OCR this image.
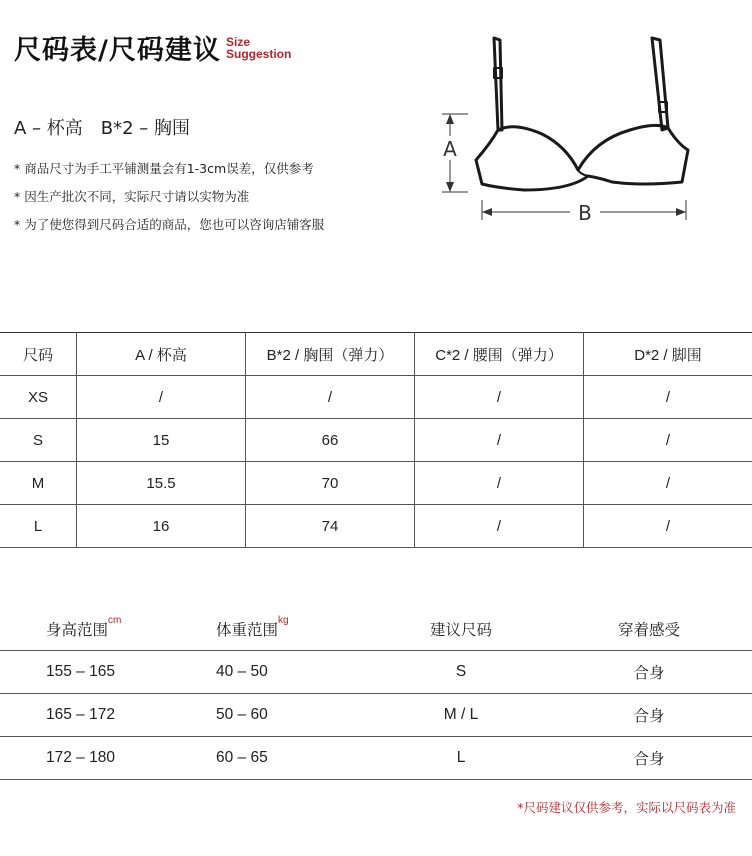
尺码表/尺码建议 Size
Suggestion
A – 杯高　B*2 – 胸围
* 商品尺寸为手工平铺测量会有1-3cm误差，仅供参考
* 因生产批次不同，实际尺寸请以实物为准
* 为了使您得到尺码合适的商品，您也可以咨询店铺客服
A
B
尺码	A / 杯高	B*2 / 胸围（弹力）	C*2 / 腰围（弹力）	D*2 / 脚围
XS	/	/	/	/
S	15	66	/	/
M	15.5	70	/	/
L	16	74	/	/
身高范围$^{cm}$	体重范围$^{kg}$	建议尺码	穿着感受
155 – 165	40 – 50	S	合身
165 – 172	50 – 60	M / L	合身
172 – 180	60 – 65	L	合身
*尺码建议仅供参考，实际以尺码表为准
